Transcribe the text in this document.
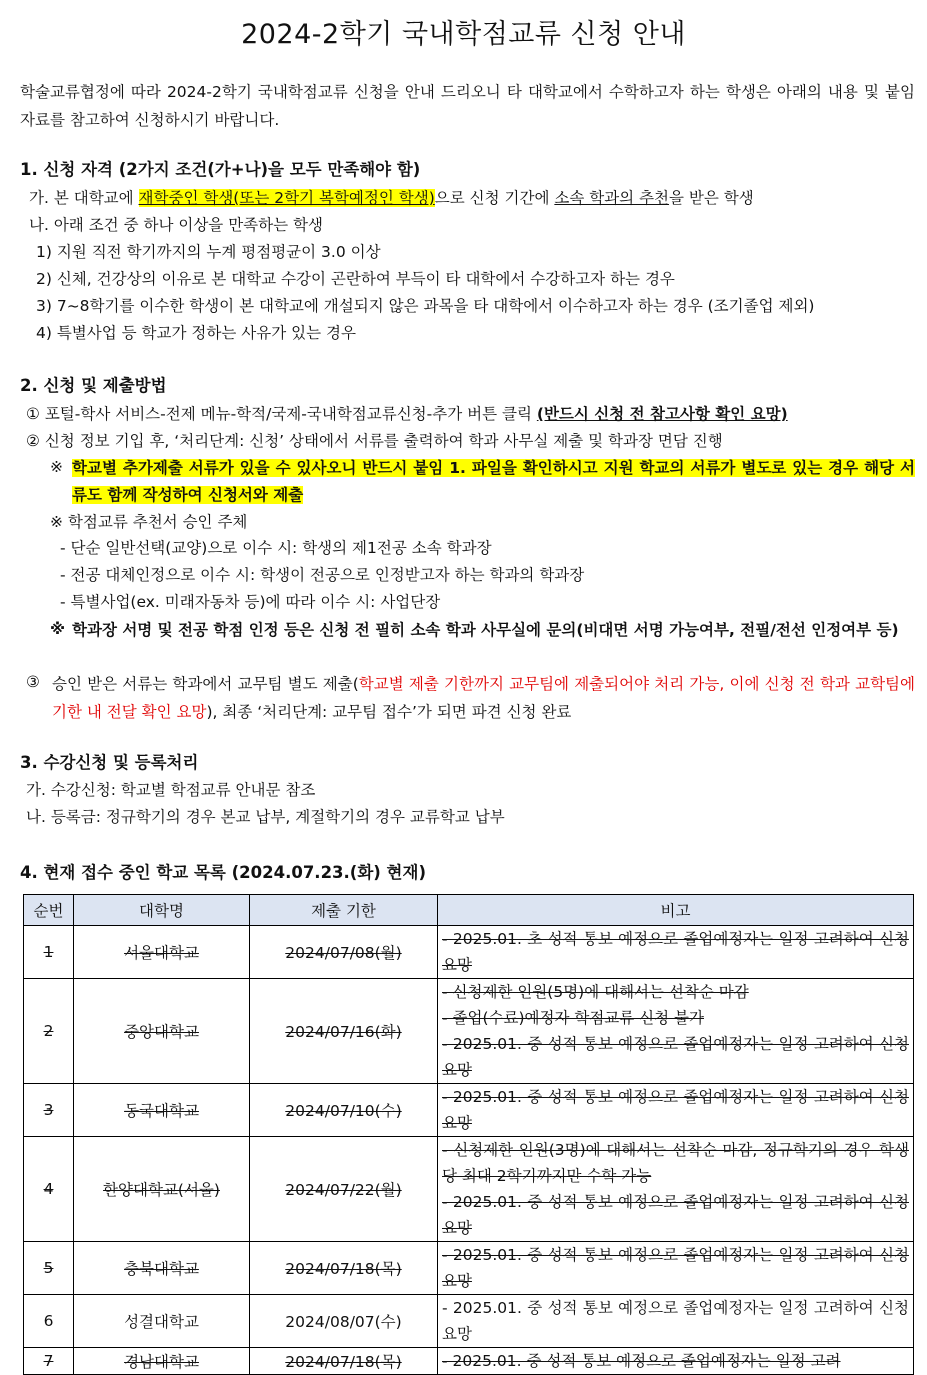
2024-2학기 국내학점교류 신청 안내
학술교류협정에 따라 2024-2학기 국내학점교류 신청을 안내 드리오니 타 대학교에서 수학하고자 하는 학생은 아래의 내용 및 붙임 자료를 참고하여 신청하시기 바랍니다.
1. 신청 자격 (2가지 조건(가+나)을 모두 만족해야 함)
가. 본 대학교에 재학중인 학생(또는 2학기 복학예정인 학생)으로 신청 기간에 소속 학과의 추천을 받은 학생
나. 아래 조건 중 하나 이상을 만족하는 학생
1) 지원 직전 학기까지의 누계 평점평균이 3.0 이상
2) 신체, 건강상의 이유로 본 대학교 수강이 곤란하여 부득이 타 대학에서 수강하고자 하는 경우
3) 7~8학기를 이수한 학생이 본 대학교에 개설되지 않은 과목을 타 대학에서 이수하고자 하는 경우 (조기졸업 제외)
4) 특별사업 등 학교가 정하는 사유가 있는 경우
2. 신청 및 제출방법
① 포털-학사 서비스-전제 메뉴-학적/국제-국내학점교류신청-추가 버튼 클릭 (반드시 신청 전 참고사항 확인 요망)
② 신청 정보 기입 후, ‘처리단계: 신청’ 상태에서 서류를 출력하여 학과 사무실 제출 및 학과장 면담 진행
※ 학교별 추가제출 서류가 있을 수 있사오니 반드시 붙임 1. 파일을 확인하시고 지원 학교의 서류가 별도로 있는 경우 해당 서류도 함께 작성하여 신청서와 제출
※ 학점교류 추천서 승인 주체
- 단순 일반선택(교양)으로 이수 시: 학생의 제1전공 소속 학과장
- 전공 대체인정으로 이수 시: 학생이 전공으로 인정받고자 하는 학과의 학과장
- 특별사업(ex. 미래자동차 등)에 따라 이수 시: 사업단장
※ 학과장 서명 및 전공 학점 인정 등은 신청 전 필히 소속 학과 사무실에 문의(비대면 서명 가능여부, 전필/전선 인정여부 등)
③ 승인 받은 서류는 학과에서 교무팀 별도 제출(학교별 제출 기한까지 교무팀에 제출되어야 처리 가능, 이에 신청 전 학과 교학팀에 기한 내 전달 확인 요망), 최종 ‘처리단계: 교무팀 접수’가 되면 파견 신청 완료
3. 수강신청 및 등록처리
가. 수강신청: 학교별 학점교류 안내문 참조
나. 등록금: 정규학기의 경우 본교 납부, 계절학기의 경우 교류학교 납부
4. 현재 접수 중인 학교 목록 (2024.07.23.(화) 현재)
순번	대학명	제출 기한	비고
1	서울대학교	2024/07/08(월)	- 2025.01. 초 성적 통보 예정으로 졸업예정자는 일정 고려하여 신청 요망

2	중앙대학교	2024/07/16(화)	- 신청제한 인원(5명)에 대해서는 선착순 마감
- 졸업(수료)예정자 학점교류 신청 불가
- 2025.01. 중 성적 통보 예정으로 졸업예정자는 일정 고려하여 신청 요망

3	동국대학교	2024/07/10(수)	- 2025.01. 중 성적 통보 예정으로 졸업예정자는 일정 고려하여 신청 요망

4	한양대학교(서울)	2024/07/22(월)	- 신청제한 인원(3명)에 대해서는 선착순 마감, 정규학기의 경우 학생당 최대 2학기까지만 수학 가능
- 2025.01. 중 성적 통보 예정으로 졸업예정자는 일정 고려하여 신청 요망

5	충북대학교	2024/07/18(목)	- 2025.01. 중 성적 통보 예정으로 졸업예정자는 일정 고려하여 신청 요망

6	성결대학교	2024/08/07(수)	- 2025.01. 중 성적 통보 예정으로 졸업예정자는 일정 고려하여 신청 요망

7	경남대학교	2024/07/18(목)	- 2025.01. 중 성적 통보 예정으로 졸업예정자는 일정 고려
